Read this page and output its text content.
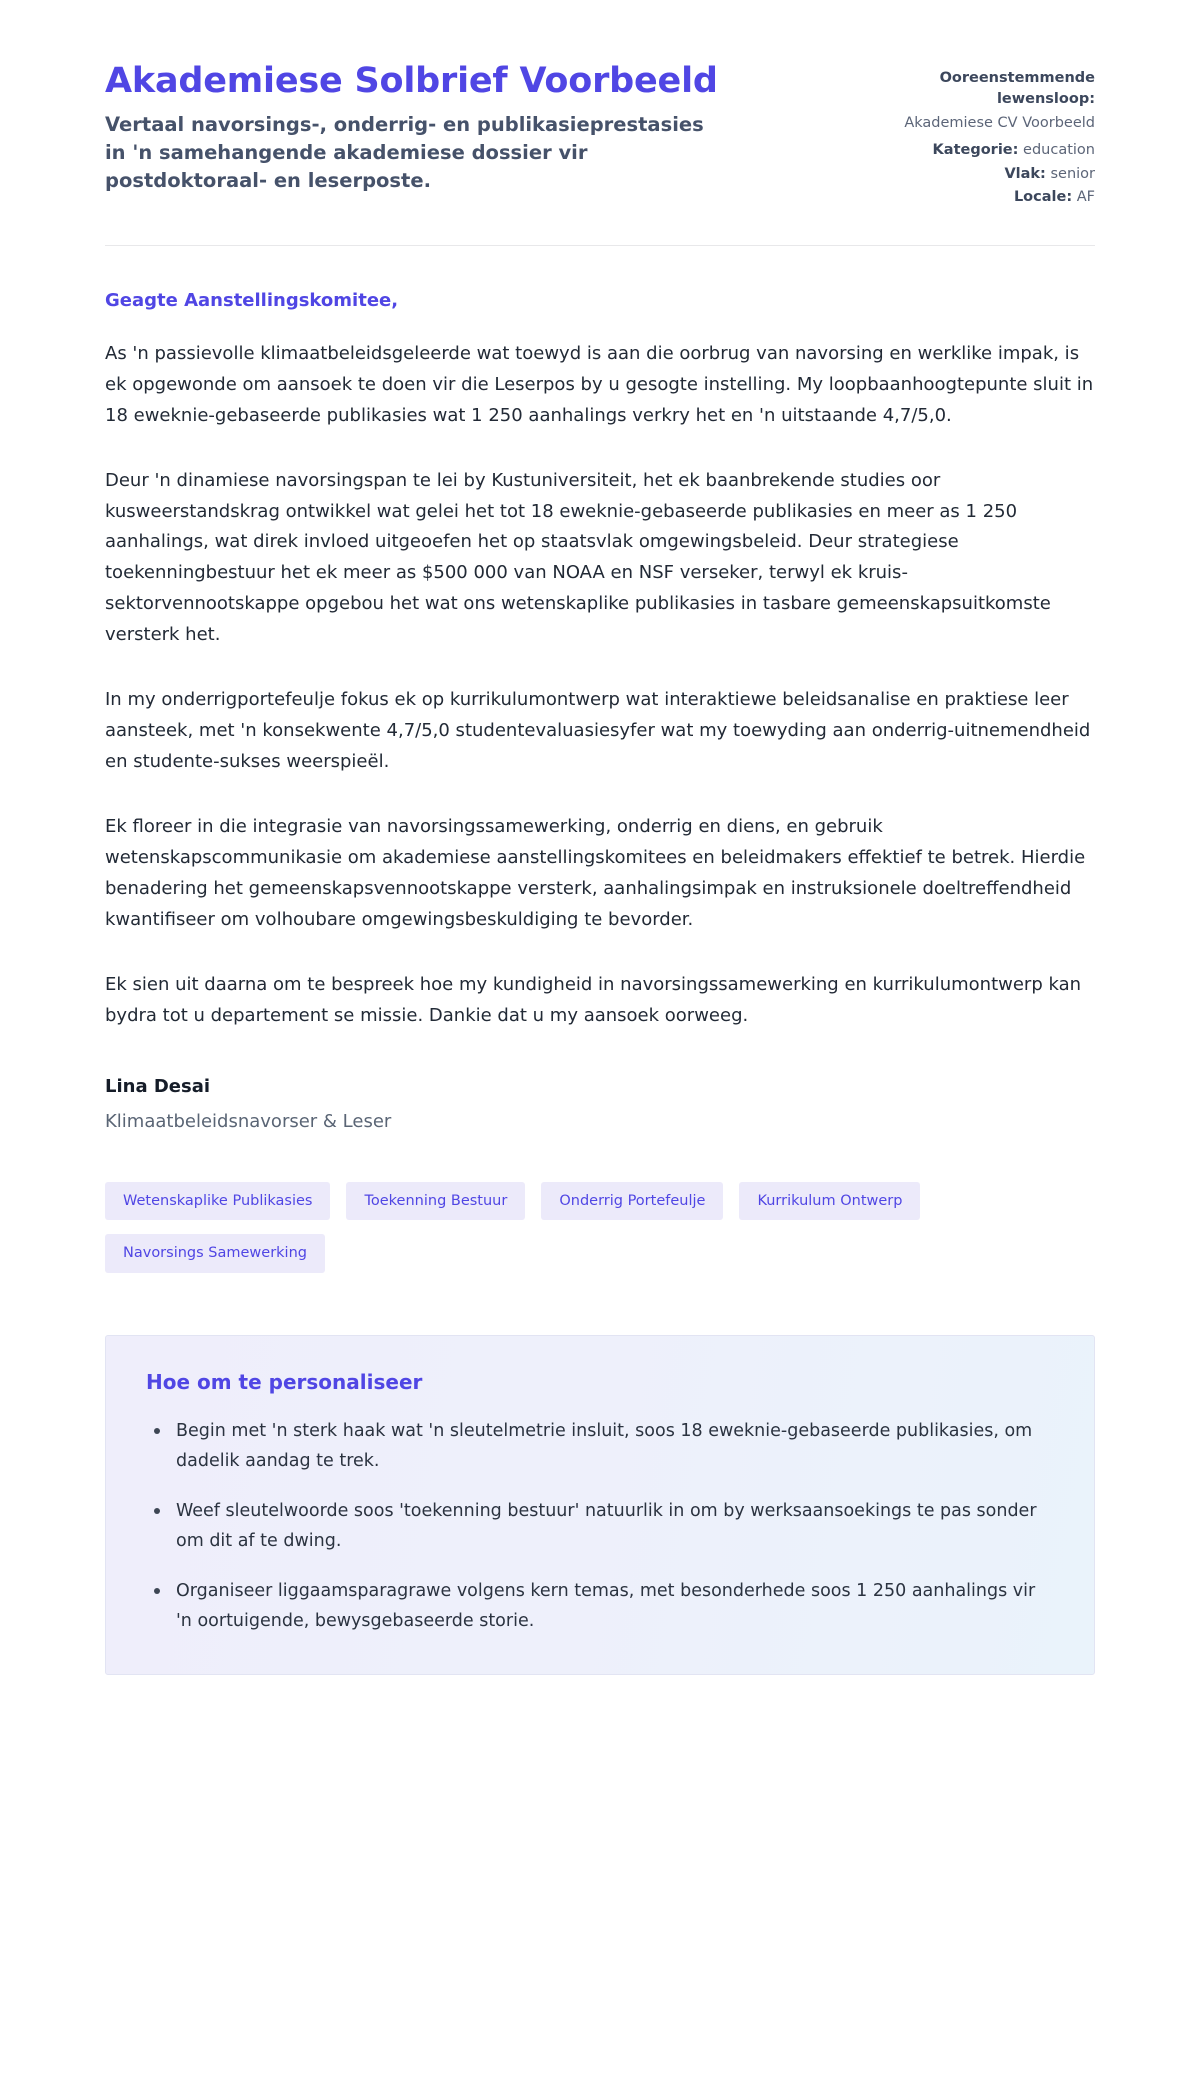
Akademiese Solbrief Voorbeeld

Vertaal navorsings-, onderrig- en publikasieprestasies in 'n samehangende akademiese dossier vir postdoktoraal- en leserposte.

Ooreenstemmende lewensloop:
Akademiese CV Voorbeeld
Kategorie: education
Vlak: senior
Locale: AF

Geagte Aanstellingskomitee,

As 'n passievolle klimaatbeleidsgeleerde wat toewyd is aan die oorbrug van navorsing en werklike impak, is ek opgewonde om aansoek te doen vir die Leserpos by u gesogte instelling. My loopbaanhoogtepunte sluit in 18 eweknie-gebaseerde publikasies wat 1 250 aanhalings verkry het en 'n uitstaande 4,7/5,0.

Deur 'n dinamiese navorsingspan te lei by Kustuniversiteit, het ek baanbrekende studies oor kusweerstandskrag ontwikkel wat gelei het tot 18 eweknie-gebaseerde publikasies en meer as 1 250 aanhalings, wat direk invloed uitgeoefen het op staatsvlak omgewingsbeleid. Deur strategiese toekenningbestuur het ek meer as $500 000 van NOAA en NSF verseker, terwyl ek kruis-sektorvennootskappe opgebou het wat ons wetenskaplike publikasies in tasbare gemeenskapsuitkomste versterk het.

In my onderrigportefeulje fokus ek op kurrikulumontwerp wat interaktiewe beleidsanalise en praktiese leer aansteek, met 'n konsekwente 4,7/5,0 studentevaluasiesyfer wat my toewyding aan onderrig-uitnemendheid en studente-sukses weerspieël.

Ek floreer in die integrasie van navorsingssamewerking, onderrig en diens, en gebruik wetenskapscommunikasie om akademiese aanstellingskomitees en beleidmakers effektief te betrek. Hierdie benadering het gemeenskapsvennootskappe versterk, aanhalingsimpak en instruksionele doeltreffendheid kwantifiseer om volhoubare omgewingsbeskuldiging te bevorder.

Ek sien uit daarna om te bespreek hoe my kundigheid in navorsingssamewerking en kurrikulumontwerp kan bydra tot u departement se missie. Dankie dat u my aansoek oorweeg.

Lina Desai

Klimaatbeleidsnavorser & Leser

Wetenskaplike Publikasies	Toekenning Bestuur	Onderrig Portefeulje	Kurrikulum Ontwerp
Navorsings Samewerking
Hoe om te personaliseer
Begin met 'n sterk haak wat 'n sleutelmetrie insluit, soos 18 eweknie-gebaseerde publikasies, om dadelik aandag te trek.
Weef sleutelwoorde soos 'toekenning bestuur' natuurlik in om by werksaansoekings te pas sonder om dit af te dwing.
Organiseer liggaamsparagrawe volgens kern temas, met besonderhede soos 1 250 aanhalings vir 'n oortuigende, bewysgebaseerde storie.
